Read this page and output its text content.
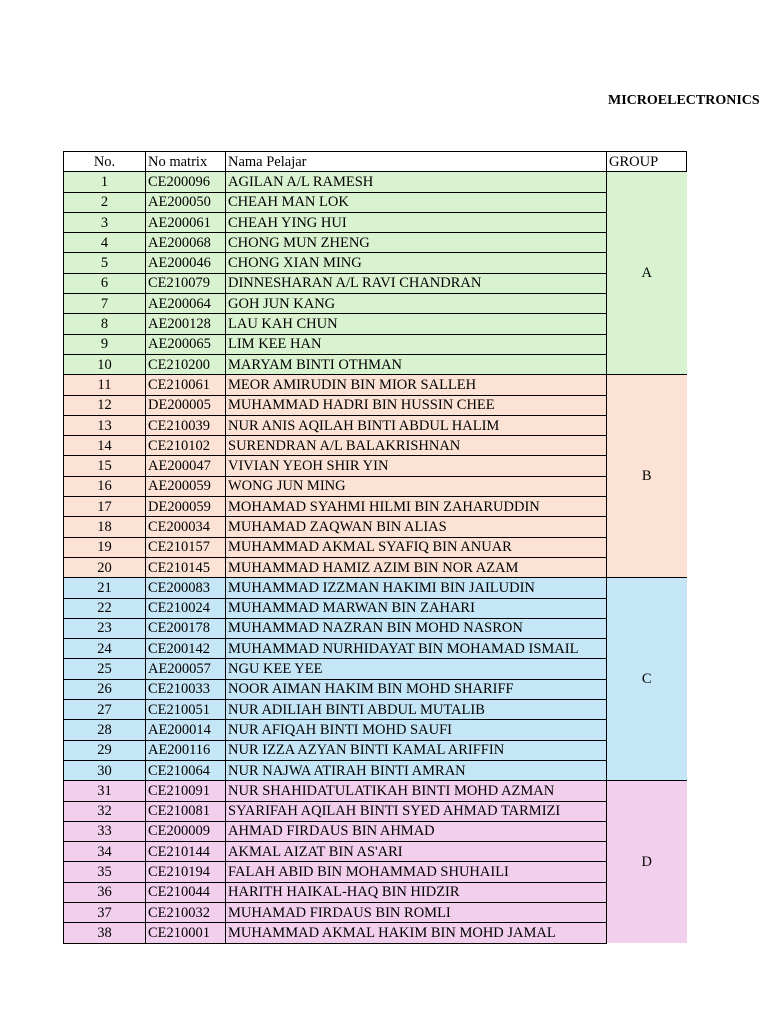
MICROELECTRONICS
No.	No matrix	Nama Pelajar	GROUP
1	CE200096	AGILAN A/L RAMESH	A
2	AE200050	CHEAH MAN LOK	
3	AE200061	CHEAH YING HUI	
4	AE200068	CHONG MUN ZHENG	
5	AE200046	CHONG XIAN MING	
6	CE210079	DINNESHARAN A/L RAVI CHANDRAN	
7	AE200064	GOH JUN KANG	
8	AE200128	LAU KAH CHUN	
9	AE200065	LIM KEE HAN	
10	CE210200	MARYAM BINTI OTHMAN	
11	CE210061	MEOR AMIRUDIN BIN MIOR SALLEH	B
12	DE200005	MUHAMMAD HADRI BIN HUSSIN CHEE	
13	CE210039	NUR ANIS AQILAH BINTI ABDUL HALIM	
14	CE210102	SURENDRAN A/L BALAKRISHNAN	
15	AE200047	VIVIAN YEOH SHIR YIN	
16	AE200059	WONG JUN MING	
17	DE200059	MOHAMAD SYAHMI HILMI BIN ZAHARUDDIN	
18	CE200034	MUHAMAD ZAQWAN BIN ALIAS	
19	CE210157	MUHAMMAD AKMAL SYAFIQ BIN ANUAR	
20	CE210145	MUHAMMAD HAMIZ AZIM BIN NOR AZAM	
21	CE200083	MUHAMMAD IZZMAN HAKIMI BIN JAILUDIN	C
22	CE210024	MUHAMMAD MARWAN BIN ZAHARI	
23	CE200178	MUHAMMAD NAZRAN BIN MOHD NASRON	
24	CE200142	MUHAMMAD NURHIDAYAT BIN MOHAMAD ISMAIL	
25	AE200057	NGU KEE YEE	
26	CE210033	NOOR AIMAN HAKIM BIN MOHD SHARIFF	
27	CE210051	NUR ADILIAH BINTI ABDUL MUTALIB	
28	AE200014	NUR AFIQAH BINTI MOHD SAUFI	
29	AE200116	NUR IZZA AZYAN BINTI KAMAL ARIFFIN	
30	CE210064	NUR NAJWA ATIRAH BINTI AMRAN	
31	CE210091	NUR SHAHIDATULATIKAH BINTI MOHD AZMAN	D
32	CE210081	SYARIFAH AQILAH BINTI SYED AHMAD TARMIZI	
33	CE200009	AHMAD FIRDAUS BIN AHMAD	
34	CE210144	AKMAL AIZAT BIN AS'ARI	
35	CE210194	FALAH ABID BIN MOHAMMAD SHUHAILI	
36	CE210044	HARITH HAIKAL-HAQ BIN HIDZIR	
37	CE210032	MUHAMAD FIRDAUS BIN ROMLI	
38	CE210001	MUHAMMAD AKMAL HAKIM BIN MOHD JAMAL	
